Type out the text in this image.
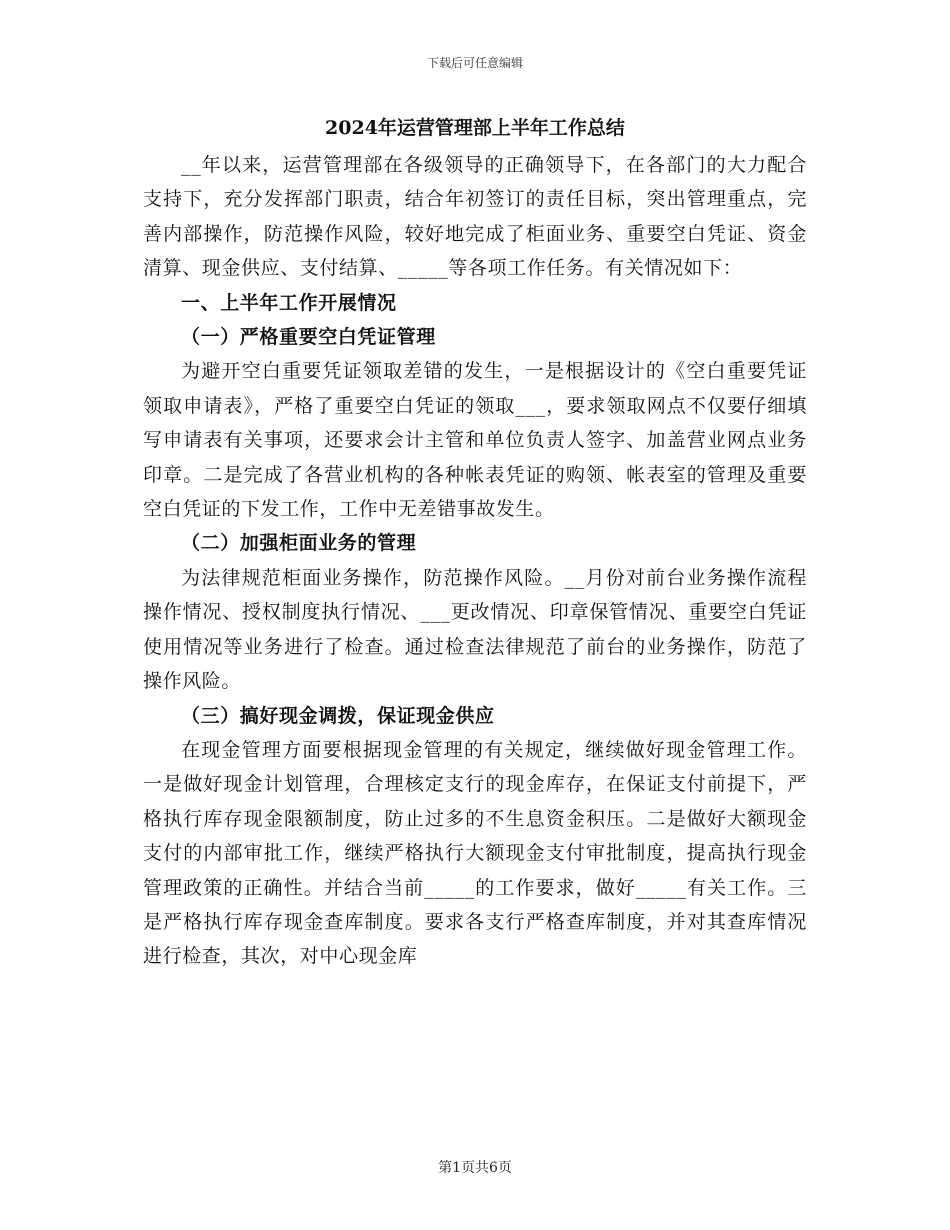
下载后可任意编辑
2024年运营管理部上半年工作总结

__年以来，运营管理部在各级领导的正确领导下，在各部门的大力配合支持下，充分发挥部门职责，结合年初签订的责任目标，突出管理重点，完善内部操作，防范操作风险，较好地完成了柜面业务、重要空白凭证、资金清算、现金供应、支付结算、_____等各项工作任务。有关情况如下：

一、上半年工作开展情况

（一）严格重要空白凭证管理

为避开空白重要凭证领取差错的发生，一是根据设计的《空白重要凭证领取申请表》，严格了重要空白凭证的领取___，要求领取网点不仅要仔细填写申请表有关事项，还要求会计主管和单位负责人签字、加盖营业网点业务印章。二是完成了各营业机构的各种帐表凭证的购领、帐表室的管理及重要空白凭证的下发工作，工作中无差错事故发生。

（二）加强柜面业务的管理

为法律规范柜面业务操作，防范操作风险。__月份对前台业务操作流程操作情况、授权制度执行情况、___更改情况、印章保管情况、重要空白凭证使用情况等业务进行了检查。通过检查法律规范了前台的业务操作，防范了操作风险。

（三）搞好现金调拨，保证现金供应

在现金管理方面要根据现金管理的有关规定，继续做好现金管理工作。一是做好现金计划管理，合理核定支行的现金库存，在保证支付前提下，严格执行库存现金限额制度，防止过多的不生息资金积压。二是做好大额现金支付的内部审批工作，继续严格执行大额现金支付审批制度，提高执行现金管理政策的正确性。并结合当前_____的工作要求，做好_____有关工作。三是严格执行库存现金查库制度。要求各支行严格查库制度，并对其查库情况进行检查，其次，对中心现金库

第1页共6页
